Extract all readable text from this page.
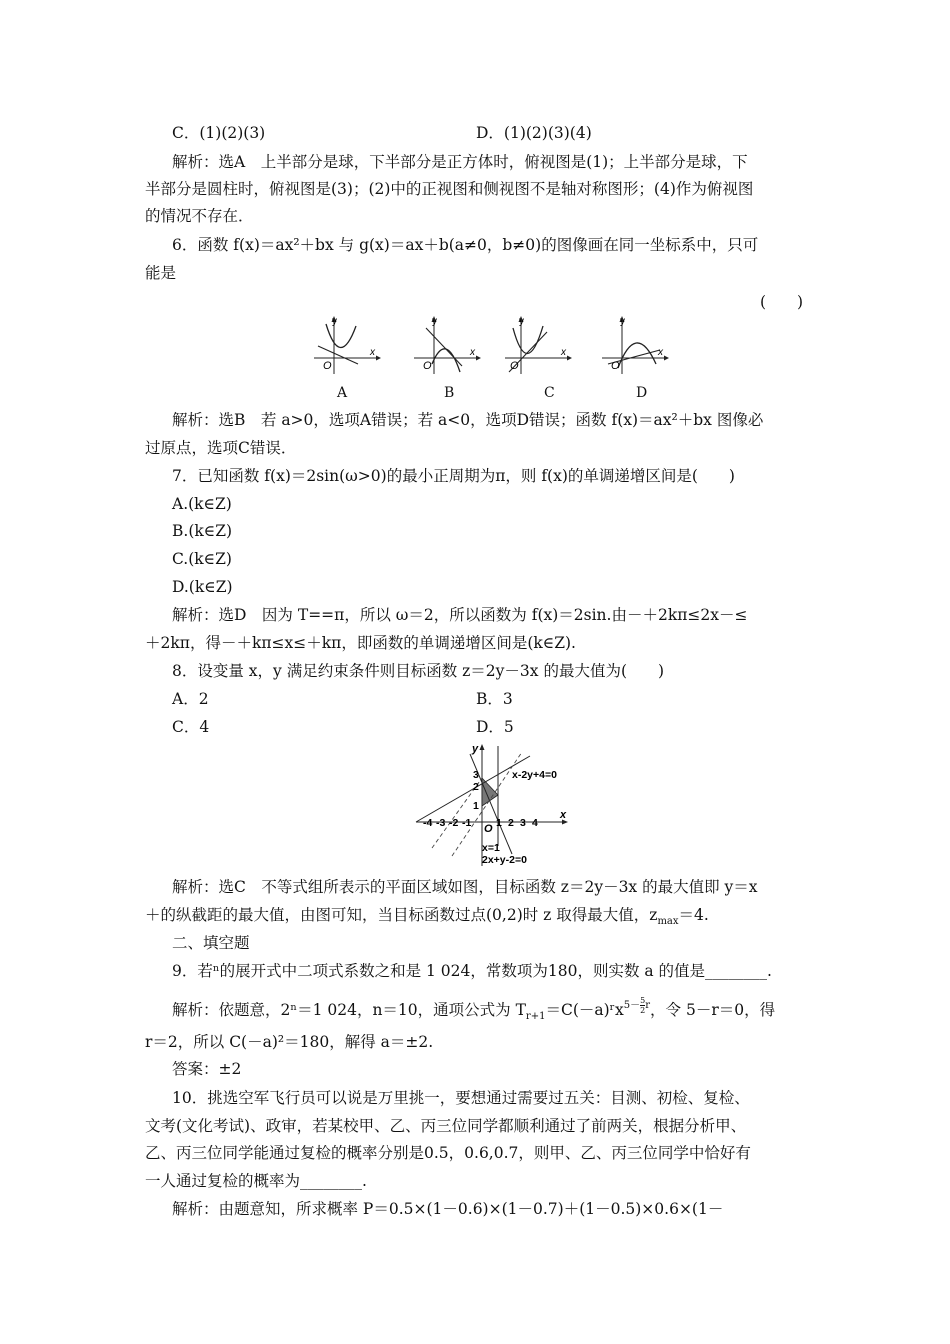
C．(1)(2)(3)	D．(1)(2)(3)(4)
解析：选A　上半部分是球，下半部分是正方体时，俯视图是(1)；上半部分是球，下
半部分是圆柱时，俯视图是(3)；(2)中的正视图和侧视图不是轴对称图形；(4)作为俯视图
的情况不存在．
6．函数 f(x)＝ax²＋bx 与 g(x)＝ax＋b(a≠0，b≠0)的图像画在同一坐标系中，只可
能是
(　　)
y
x
O
y
x
O
y
x
O
y
x
O
A	B	C	D
解析：选B　若 a>0，选项A错误；若 a<0，选项D错误；函数 f(x)＝ax²＋bx 图像必
过原点，选项C错误．
7．已知函数 f(x)＝2sin(ω>0)的最小正周期为π，则 f(x)的单调递增区间是(　　)
A.(k∈Z)
B.(k∈Z)
C.(k∈Z)
D.(k∈Z)
解析：选D　因为 T==π，所以 ω＝2，所以函数为 f(x)＝2sin.由－＋2kπ≤2x－≤
＋2kπ，得－＋kπ≤x≤＋kπ，即函数的单调递增区间是(k∈Z).
8．设变量 x，y 满足约束条件则目标函数 z＝2y－3x 的最大值为(　　)
A．2	B．3
C．4	D．5
y
x
O
-4 -3 -2 -1 1 2 3 4
1
2
3	x-2y+4=0
x=1
2x+y-2=0
解析：选C　不等式组所表示的平面区域如图，目标函数 z＝2y－3x 的最大值即 y＝x
＋的纵截距的最大值，由图可知，当目标函数过点(0,2)时 z 取得最大值，$z_{max}=4$.
二、填空题
9．若ⁿ的展开式中二项式系数之和是 1 024，常数项为180，则实数 a 的值是________.
解析：依题意，2ⁿ＝1 024，n＝10，通项公式为 $T_{r+1}=C(-a)ʳx^{5- \frac{5}{2} r}$，令 5－r＝0，得
r＝2，所以 C(－a)²＝180，解得 a＝±2.
答案：±2
10．挑选空军飞行员可以说是万里挑一，要想通过需要过五关：目测、初检、复检、
文考(文化考试)、政审，若某校甲、乙、丙三位同学都顺利通过了前两关，根据分析甲、
乙、丙三位同学能通过复检的概率分别是0.5，0.6,0.7，则甲、乙、丙三位同学中恰好有
一人通过复检的概率为________.
解析：由题意知，所求概率 P＝0.5×(1－0.6)×(1－0.7)＋(1－0.5)×0.6×(1－
